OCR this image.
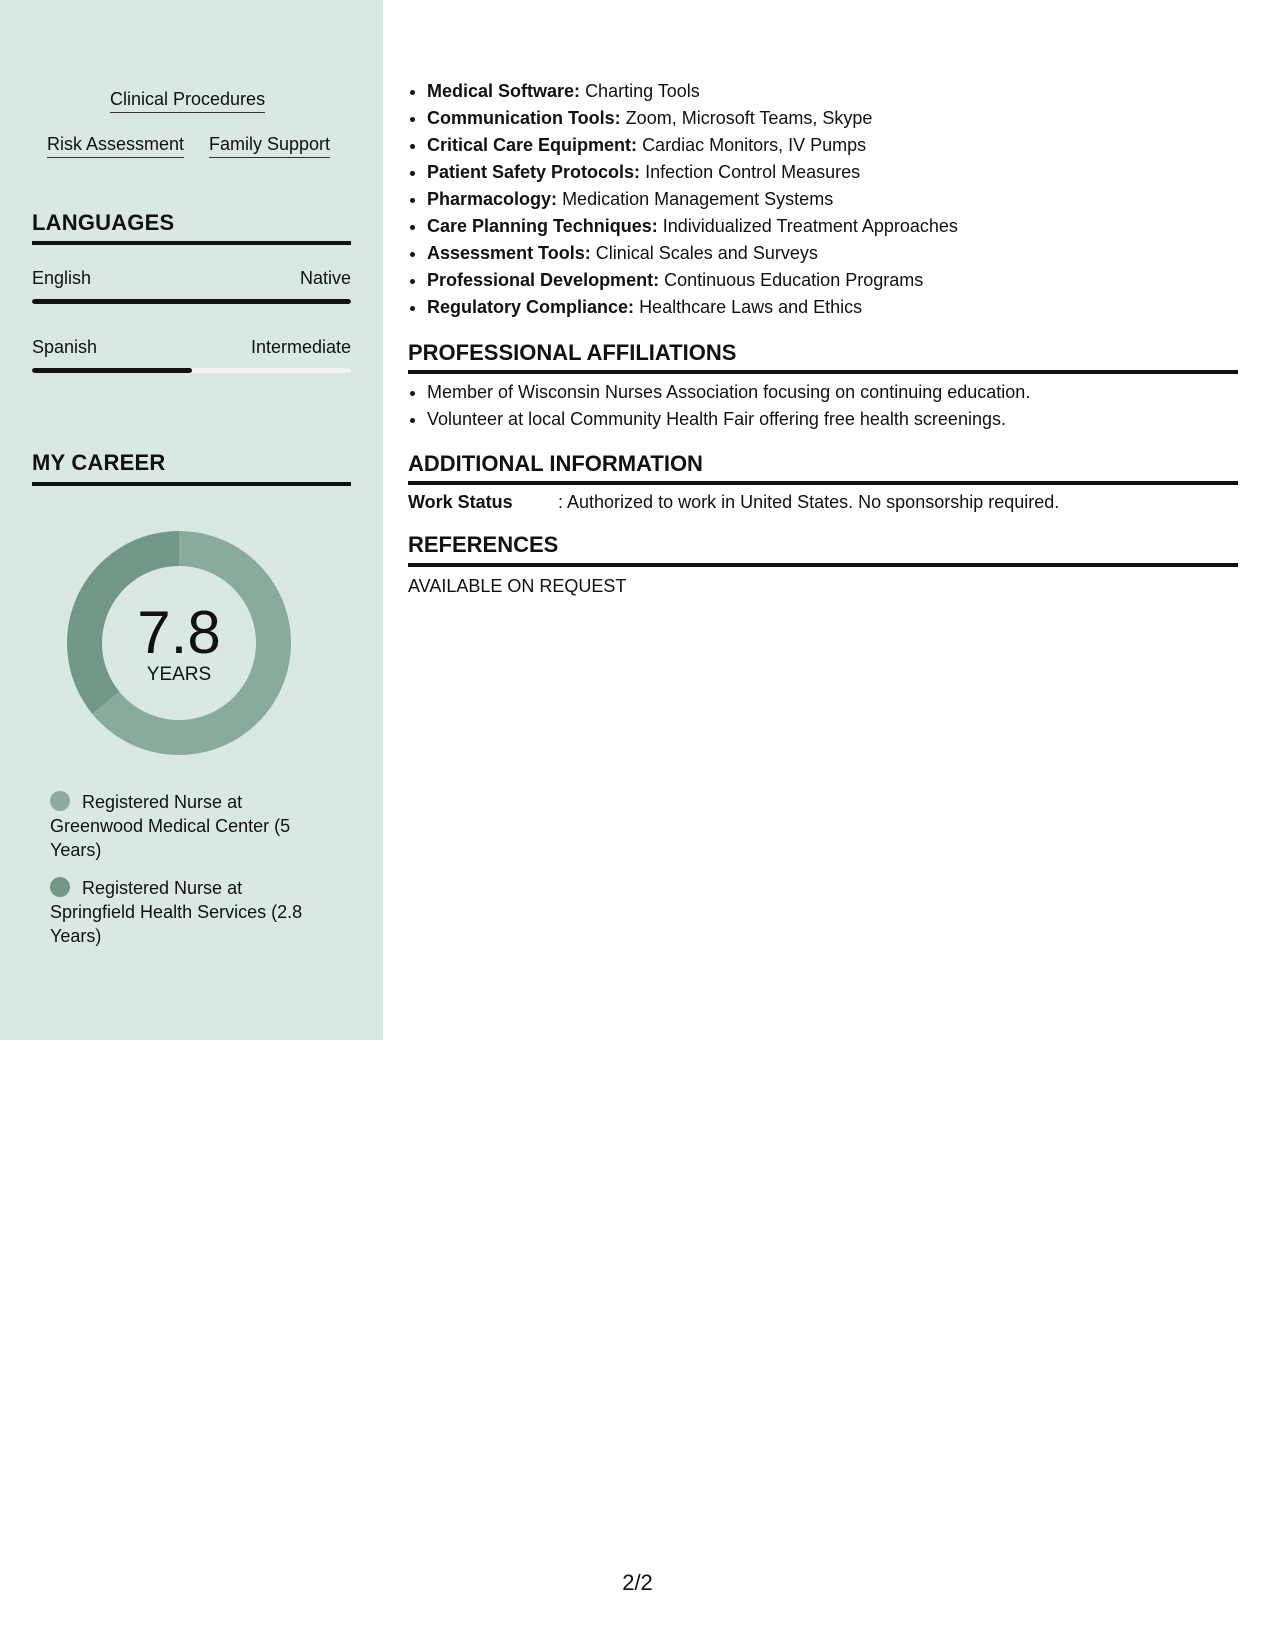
Clinical Procedures
Risk Assessment Family Support
LANGUAGES
English	Native
Spanish	Intermediate
MY CAREER
7.8
YEARS
Registered Nurse at Greenwood Medical Center (5 Years)
Registered Nurse at Springfield Health Services (2.8 Years)
• Medical Software: Charting Tools
• Communication Tools: Zoom, Microsoft Teams, Skype
• Critical Care Equipment: Cardiac Monitors, IV Pumps
• Patient Safety Protocols: Infection Control Measures
• Pharmacology: Medication Management Systems
• Care Planning Techniques: Individualized Treatment Approaches
• Assessment Tools: Clinical Scales and Surveys
• Professional Development: Continuous Education Programs
• Regulatory Compliance: Healthcare Laws and Ethics
PROFESSIONAL AFFILIATIONS
• Member of Wisconsin Nurses Association focusing on continuing education.
• Volunteer at local Community Health Fair offering free health screenings.
ADDITIONAL INFORMATION
Work Status	: Authorized to work in United States. No sponsorship required.
REFERENCES
AVAILABLE ON REQUEST
2/2
